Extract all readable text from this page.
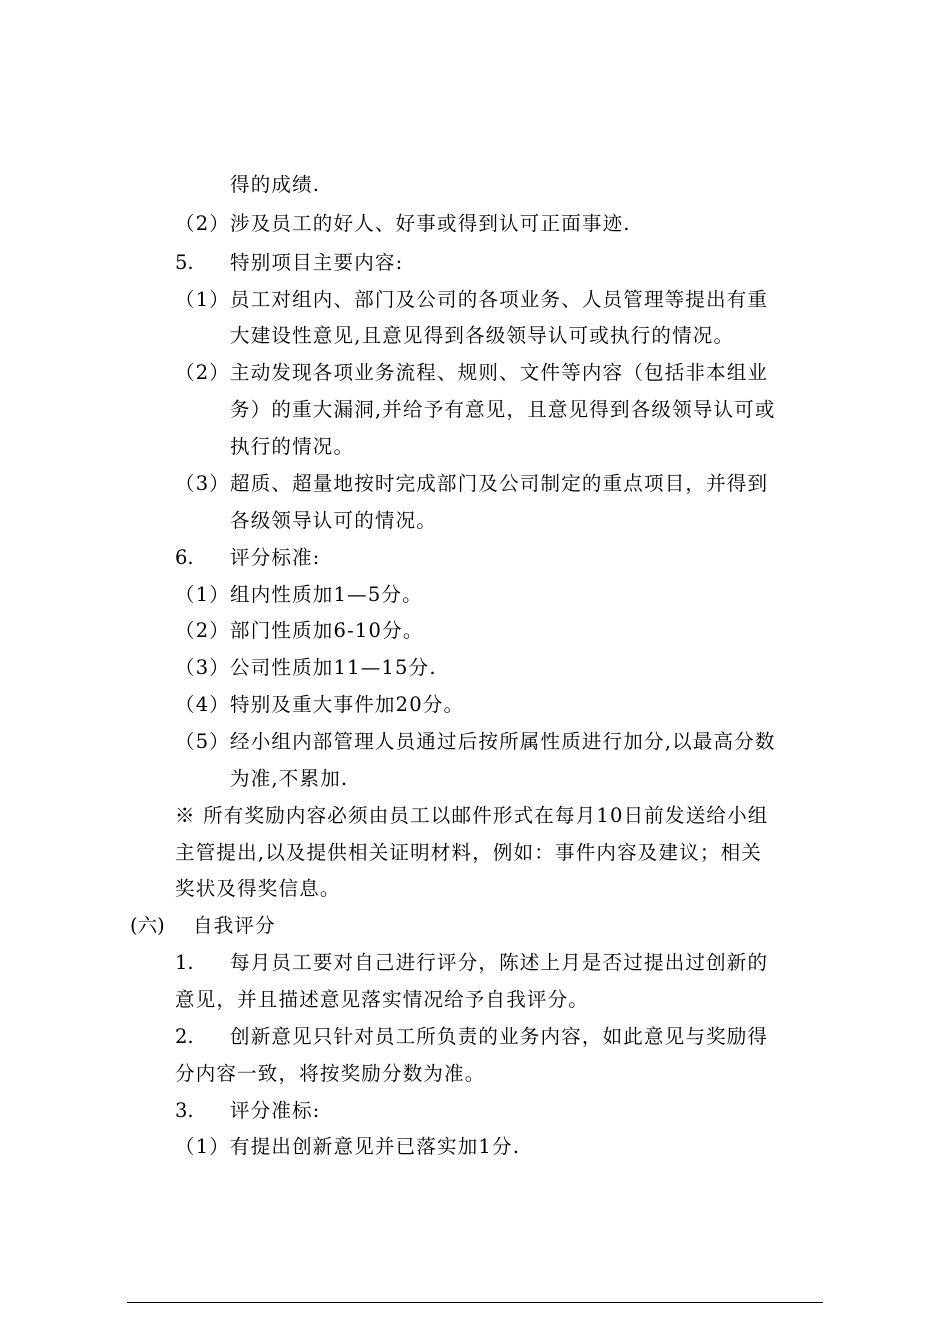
得的成绩.
（2）涉及员工的好人、好事或得到认可正面事迹.
5. 特别项目主要内容:
（1）员工对组内、部门及公司的各项业务、人员管理等提出有重
大建设性意见,且意见得到各级领导认可或执行的情况。
（2）主动发现各项业务流程、规则、文件等内容（包括非本组业
务）的重大漏洞,并给予有意见，且意见得到各级领导认可或
执行的情况。
（3）超质、超量地按时完成部门及公司制定的重点项目，并得到
各级领导认可的情况。
6. 评分标准:
（1）组内性质加1—5分。
（2）部门性质加6-10分。
（3）公司性质加11—15分.
（4）特别及重大事件加20分。
（5）经小组内部管理人员通过后按所属性质进行加分,以最高分数
为准,不累加.
※ 所有奖励内容必须由员工以邮件形式在每月10日前发送给小组
主管提出,以及提供相关证明材料，例如：事件内容及建议；相关
奖状及得奖信息。
(六) 自我评分
1. 每月员工要对自己进行评分，陈述上月是否过提出过创新的
意见，并且描述意见落实情况给予自我评分。
2. 创新意见只针对员工所负责的业务内容，如此意见与奖励得
分内容一致，将按奖励分数为准。
3. 评分准标:
（1）有提出创新意见并已落实加1分.
